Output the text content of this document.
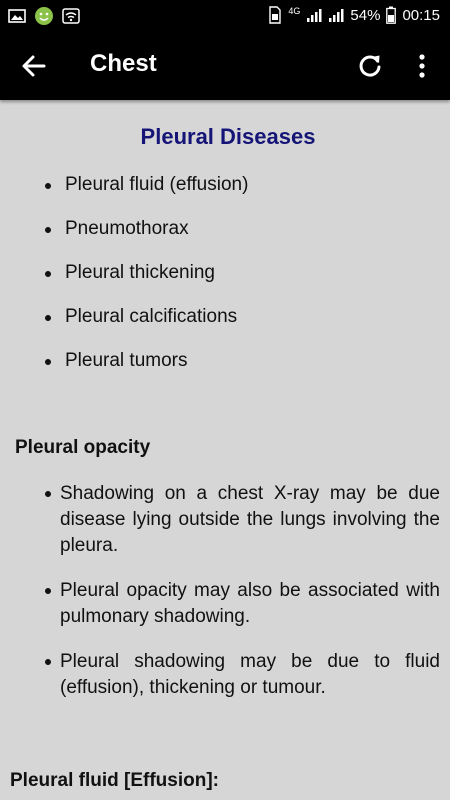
4G	54% 00:15
Chest
Pleural Diseases
Pleural fluid (effusion)
Pneumothorax
Pleural thickening
Pleural calcifications
Pleural tumors
Pleural opacity
Shadowing on a chest X-ray may be due disease lying outside the lungs involving the pleura.
Pleural opacity may also be associated with pulmonary shadowing.
Pleural shadowing may be due to fluid (effusion), thickening or tumour.
Pleural fluid [Effusion]:
